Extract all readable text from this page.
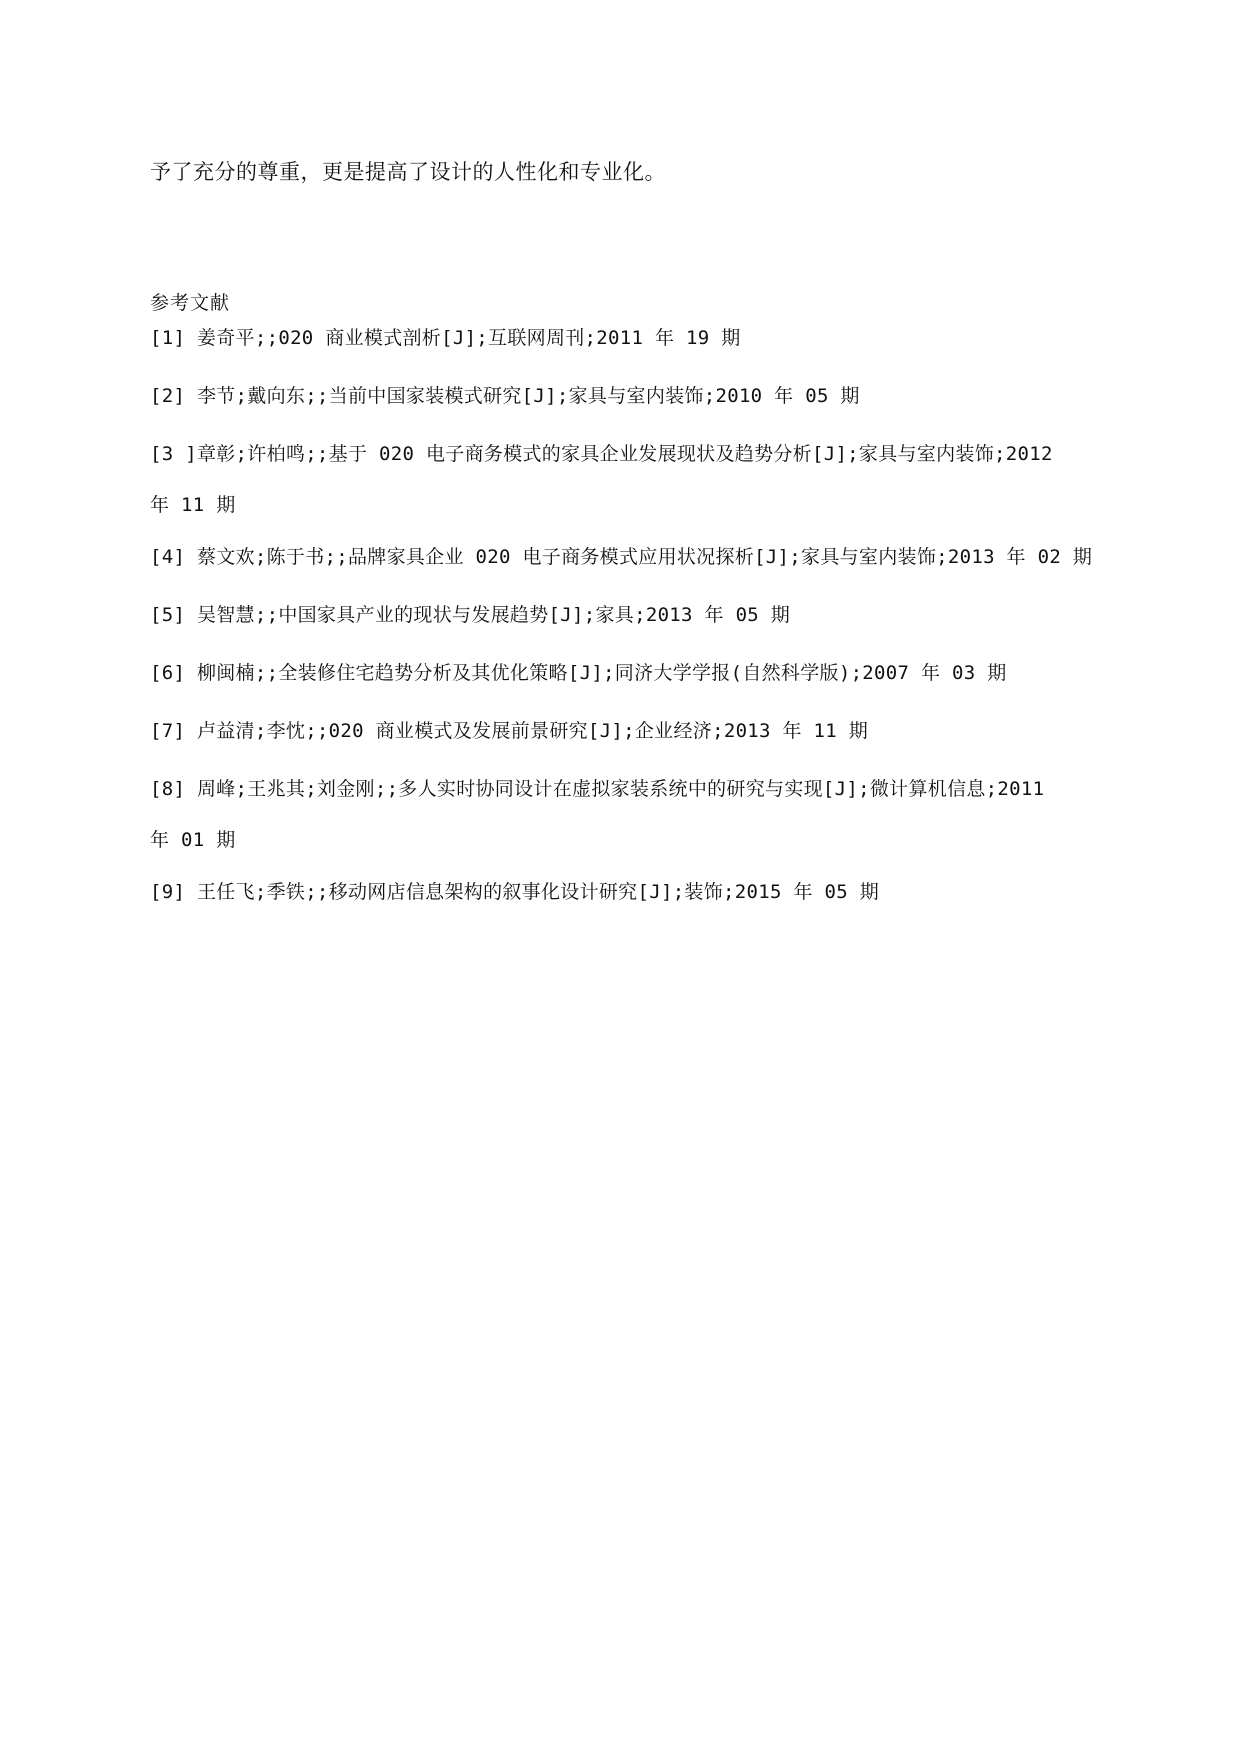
予了充分的尊重，更是提高了设计的人性化和专业化。
参考文献
[1] 姜奇平;;020 商业模式剖析[J];互联网周刊;2011 年 19 期
[2] 李节;戴向东;;当前中国家装模式研究[J];家具与室内装饰;2010 年 05 期
[3 ]章彰;许柏鸣;;基于 020 电子商务模式的家具企业发展现状及趋势分析[J];家具与室内装饰;2012
年 11 期
[4] 蔡文欢;陈于书;;品牌家具企业 020 电子商务模式应用状况探析[J];家具与室内装饰;2013 年 02 期
[5] 吴智慧;;中国家具产业的现状与发展趋势[J];家具;2013 年 05 期
[6] 柳闽楠;;全装修住宅趋势分析及其优化策略[J];同济大学学报(自然科学版);2007 年 03 期
[7] 卢益清;李忱;;020 商业模式及发展前景研究[J];企业经济;2013 年 11 期
[8] 周峰;王兆其;刘金刚;;多人实时协同设计在虚拟家装系统中的研究与实现[J];微计算机信息;2011
年 01 期
[9] 王任飞;季铁;;移动网店信息架构的叙事化设计研究[J];装饰;2015 年 05 期
